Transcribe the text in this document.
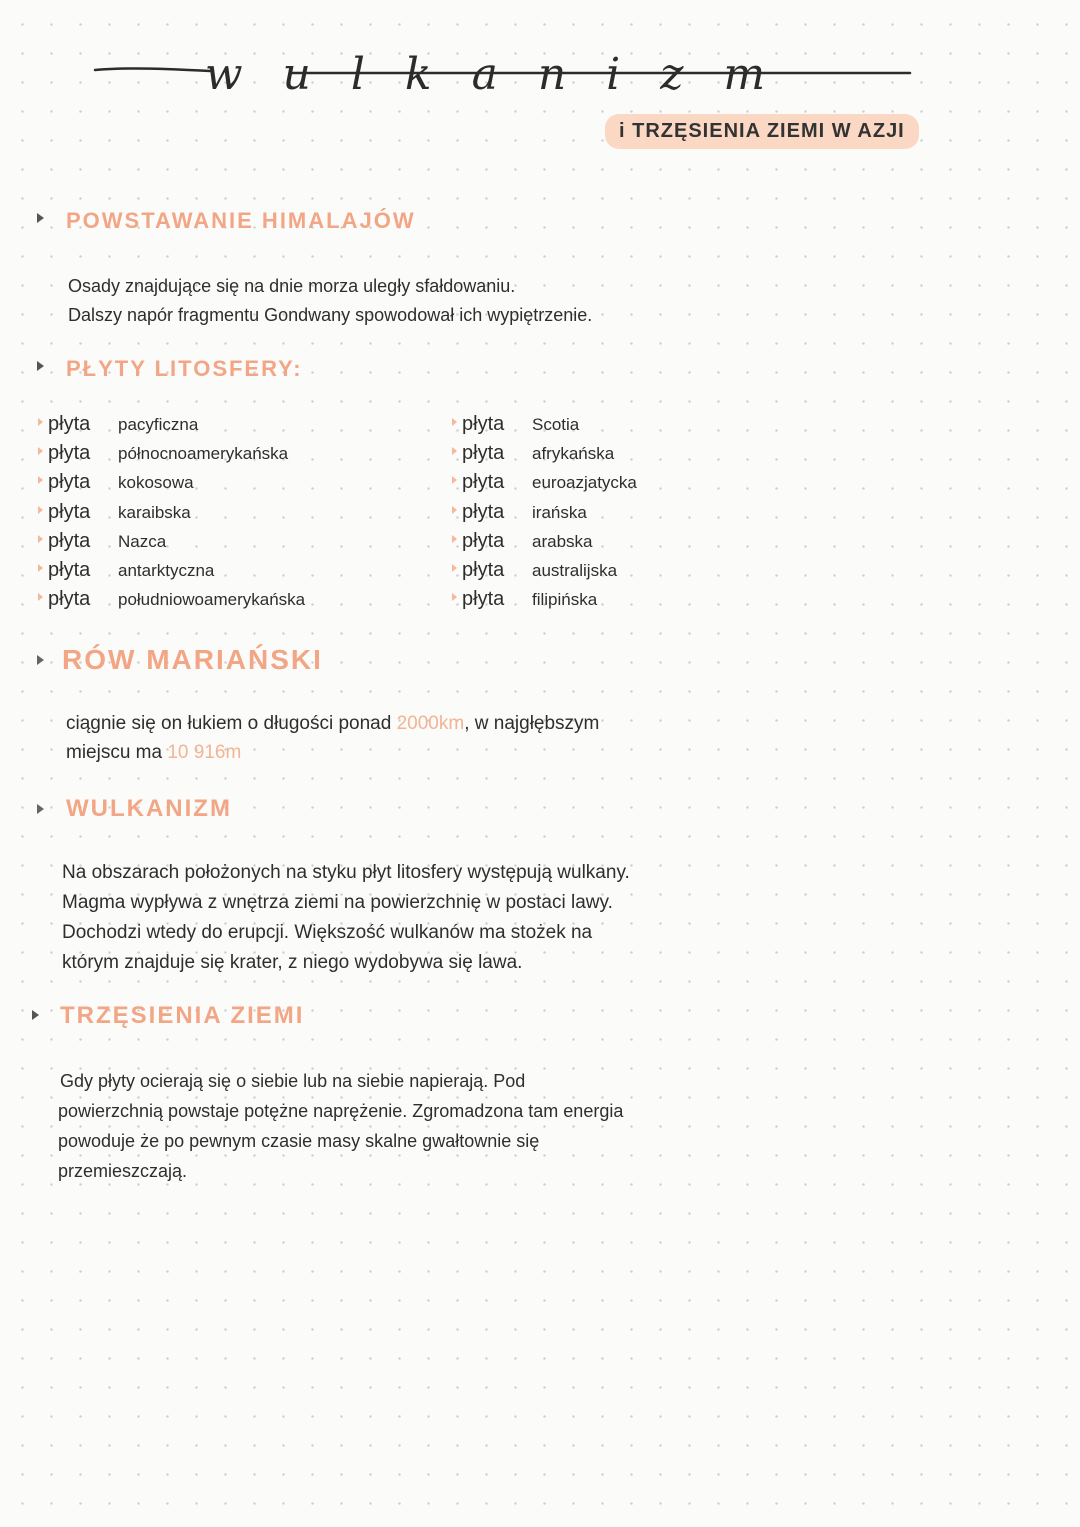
wulkanizm
i TRZĘSIENIA ZIEMI W AZJI
POWSTAWANIE HIMALAJÓW
Osady znajdujące się na dnie morza uległy sfałdowaniu.
Dalszy napór fragmentu Gondwany spowodował ich wypiętrzenie.
PŁYTY LITOSFERY:
płyta pacyficzna
płyta północnoamerykańska
płyta kokosowa
płyta karaibska
płyta Nazca
płyta antarktyczna
płyta południowoamerykańska
płyta Scotia
płyta afrykańska
płyta euroazjatycka
płyta irańska
płyta arabska
płyta australijska
płyta filipińska
RÓW MARIAŃSKI
ciągnie się on łukiem o długości ponad 2000km, w najgłębszym
miejscu ma 10 916m
WULKANIZM
Na obszarach położonych na styku płyt litosfery występują wulkany.
Magma wypływa z wnętrza ziemi na powierzchnię w postaci lawy.
Dochodzi wtedy do erupcji. Większość wulkanów ma stożek na
którym znajduje się krater, z niego wydobywa się lawa.
TRZĘSIENIA ZIEMI
Gdy płyty ocierają się o siebie lub na siebie napierają. Pod
powierzchnią powstaje potężne naprężenie. Zgromadzona tam energia
powoduje że po pewnym czasie masy skalne gwałtownie się
przemieszczają.
